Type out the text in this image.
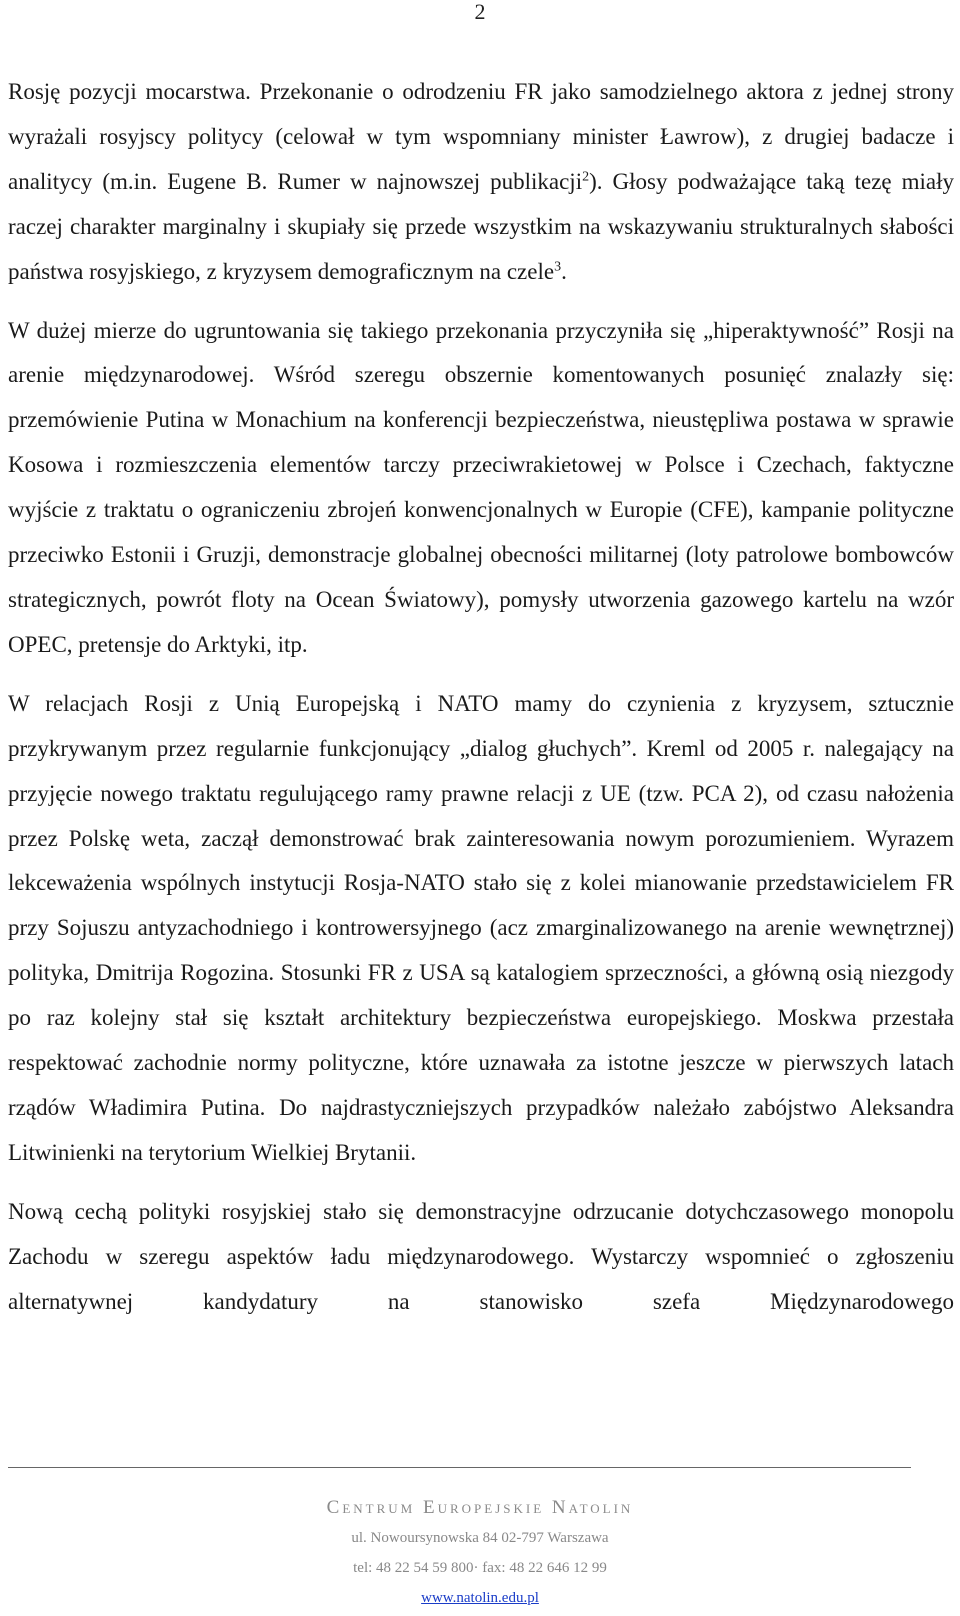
2

Rosję pozycji mocarstwa. Przekonanie o odrodzeniu FR jako samodzielnego aktora z jednej strony wyrażali rosyjscy politycy (celował w tym wspomniany minister Ławrow), z drugiej badacze i analitycy (m.in. Eugene B. Rumer w najnowszej publikacji$^2$). Głosy podważające taką tezę miały raczej charakter marginalny i skupiały się przede wszystkim na wskazywaniu strukturalnych słabości państwa rosyjskiego, z kryzysem demograficznym na czele$^3$.

W dużej mierze do ugruntowania się takiego przekonania przyczyniła się „hiperaktywność” Rosji na arenie międzynarodowej. Wśród szeregu obszernie komentowanych posunięć znalazły się: przemówienie Putina w Monachium na konferencji bezpieczeństwa, nieustępliwa postawa w sprawie Kosowa i rozmieszczenia elementów tarczy przeciwrakietowej w Polsce i Czechach, faktyczne wyjście z traktatu o ograniczeniu zbrojeń konwencjonalnych w Europie (CFE), kampanie polityczne przeciwko Estonii i Gruzji, demonstracje globalnej obecności militarnej (loty patrolowe bombowców strategicznych, powrót floty na Ocean Światowy), pomysły utworzenia gazowego kartelu na wzór OPEC, pretensje do Arktyki, itp.

W relacjach Rosji z Unią Europejską i NATO mamy do czynienia z kryzysem, sztucznie przykrywanym przez regularnie funkcjonujący „dialog głuchych”. Kreml od 2005 r. nalegający na przyjęcie nowego traktatu regulującego ramy prawne relacji z UE (tzw. PCA 2), od czasu nałożenia przez Polskę weta, zaczął demonstrować brak zainteresowania nowym porozumieniem. Wyrazem lekceważenia wspólnych instytucji Rosja-NATO stało się z kolei mianowanie przedstawicielem FR przy Sojuszu antyzachodniego i kontrowersyjnego (acz zmarginalizowanego na arenie wewnętrznej) polityka, Dmitrija Rogozina. Stosunki FR z USA są katalogiem sprzeczności, a główną osią niezgody po raz kolejny stał się kształt architektury bezpieczeństwa europejskiego. Moskwa przestała respektować zachodnie normy polityczne, które uznawała za istotne jeszcze w pierwszych latach rządów Władimira Putina. Do najdrastyczniejszych przypadków należało zabójstwo Aleksandra Litwinienki na terytorium Wielkiej Brytanii.

Nową cechą polityki rosyjskiej stało się demonstracyjne odrzucanie dotychczasowego monopolu Zachodu w szeregu aspektów ładu międzynarodowego. Wystarczy wspomnieć o zgłoszeniu alternatywnej kandydatury na stanowisko szefa Międzynarodowego

Centrum Europejskie Natolin
ul. Nowoursynowska 84 02-797 Warszawa
tel: 48 22 54 59 800· fax: 48 22 646 12 99
www.natolin.edu.pl
